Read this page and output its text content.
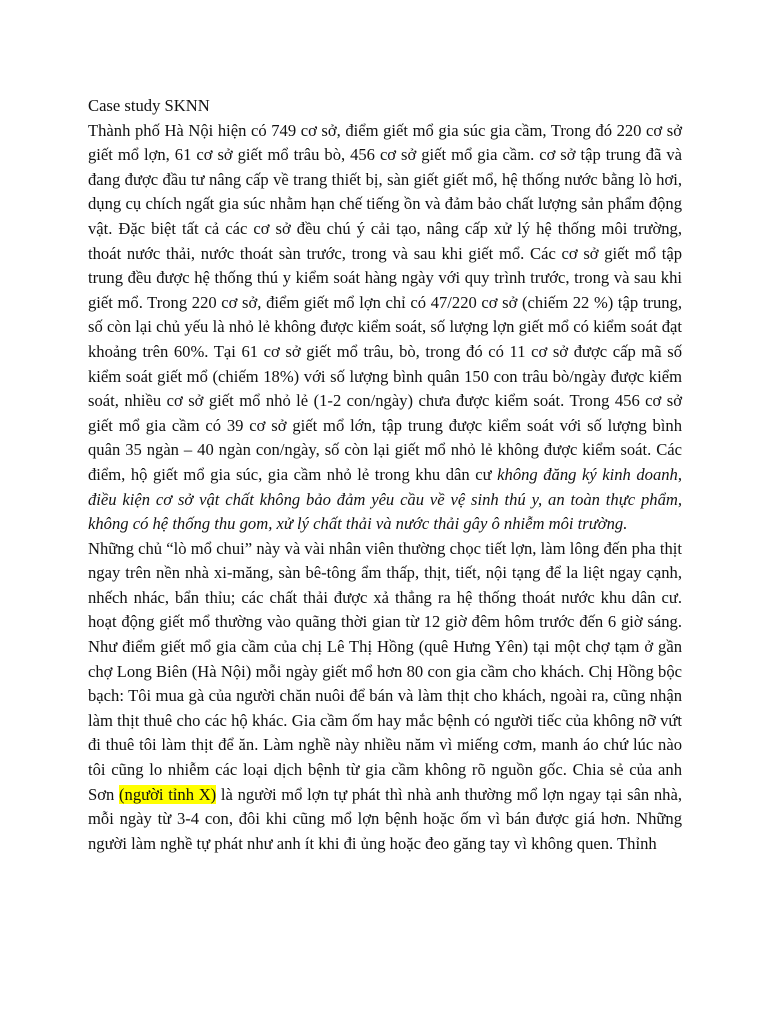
Case study SKNN

Thành phố Hà Nội hiện có 749 cơ sở, điểm giết mổ gia súc gia cầm, Trong đó 220 cơ sở giết mổ lợn, 61 cơ sở giết mổ trâu bò, 456 cơ sở giết mổ gia cầm. cơ sở tập trung đã và đang được đầu tư nâng cấp về trang thiết bị, sàn giết giết mổ, hệ thống nước bằng lò hơi, dụng cụ chích ngất gia súc nhằm hạn chế tiếng ồn và đảm bảo chất lượng sản phẩm động vật. Đặc biệt tất cả các cơ sở đều chú ý cải tạo, nâng cấp xử lý hệ thống môi trường, thoát nước thải, nước thoát sàn trước, trong và sau khi giết mổ. Các cơ sở giết mổ tập trung đều được hệ thống thú y kiểm soát hàng ngày với quy trình trước, trong và sau khi giết mổ. Trong 220 cơ sở, điểm giết mổ lợn chỉ có 47/220 cơ sở (chiếm 22 %) tập trung, số còn lại chủ yếu là nhỏ lẻ không được kiểm soát, số lượng lợn giết mổ có kiểm soát đạt khoảng trên 60%. Tại 61 cơ sở giết mổ trâu, bò, trong đó có 11 cơ sở được cấp mã số kiểm soát giết mổ (chiếm 18%) với số lượng bình quân 150 con trâu bò/ngày được kiểm soát, nhiều cơ sở giết mổ nhỏ lẻ (1-2 con/ngày) chưa được kiểm soát. Trong 456 cơ sở giết mổ gia cầm có 39 cơ sở giết mổ lớn, tập trung được kiểm soát với số lượng bình quân 35 ngàn – 40 ngàn con/ngày, số còn lại giết mổ nhỏ lẻ không được kiểm soát. Các điểm, hộ giết mổ gia súc, gia cầm nhỏ lẻ trong khu dân cư không đăng ký kinh doanh, điều kiện cơ sở vật chất không bảo đảm yêu cầu về vệ sinh thú y, an toàn thực phẩm, không có hệ thống thu gom, xử lý chất thải và nước thải gây ô nhiễm môi trường.

Những chủ “lò mổ chui” này và vài nhân viên thường chọc tiết lợn, làm lông đến pha thịt ngay trên nền nhà xi-măng, sàn bê-tông ẩm thấp, thịt, tiết, nội tạng để la liệt ngay cạnh, nhếch nhác, bẩn thỉu; các chất thải được xả thẳng ra hệ thống thoát nước khu dân cư. hoạt động giết mổ thường vào quãng thời gian từ 12 giờ đêm hôm trước đến 6 giờ sáng. Như điểm giết mổ gia cầm của chị Lê Thị Hồng (quê Hưng Yên) tại một chợ tạm ở gần chợ Long Biên (Hà Nội) mỗi ngày giết mổ hơn 80 con gia cầm cho khách. Chị Hồng bộc bạch: Tôi mua gà của người chăn nuôi để bán và làm thịt cho khách, ngoài ra, cũng nhận làm thịt thuê cho các hộ khác. Gia cầm ốm hay mắc bệnh có người tiếc của không nỡ vứt đi thuê tôi làm thịt để ăn. Làm nghề này nhiều năm vì miếng cơm, manh áo chứ lúc nào tôi cũng lo nhiễm các loại dịch bệnh từ gia cầm không rõ nguồn gốc. Chia sẻ của anh Sơn (người tỉnh X) là người mổ lợn tự phát thì nhà anh thường mổ lợn ngay tại sân nhà, mỗi ngày từ 3-4 con, đôi khi cũng mổ lợn bệnh hoặc ốm vì bán được giá hơn. Những người làm nghề tự phát như anh ít khi đi ủng hoặc đeo găng tay vì không quen. Thỉnh
